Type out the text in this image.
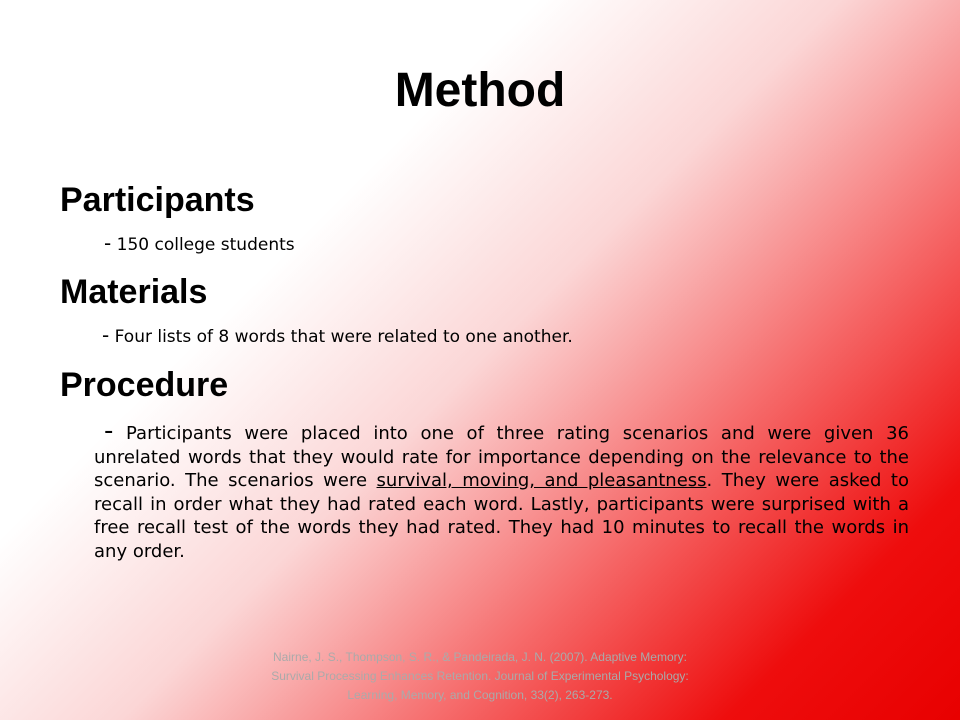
Method
Participants

- 150 college students

Materials

- Four lists of 8 words that were related to one another.

Procedure

- Participants were placed into one of three rating scenarios and were given 36 unrelated words that they would rate for importance depending on the relevance to the scenario. The scenarios were survival, moving, and pleasantness. They were asked to recall in order what they had rated each word. Lastly, participants were surprised with a free recall test of the words they had rated. They had 10 minutes to recall the words in any order.

Nairne, J. S., Thompson, S. R., & Pandeirada, J. N. (2007). Adaptive Memory:
Survival Processing Enhances Retention. Journal of Experimental Psychology:
Learning, Memory, and Cognition, 33(2), 263-273.
